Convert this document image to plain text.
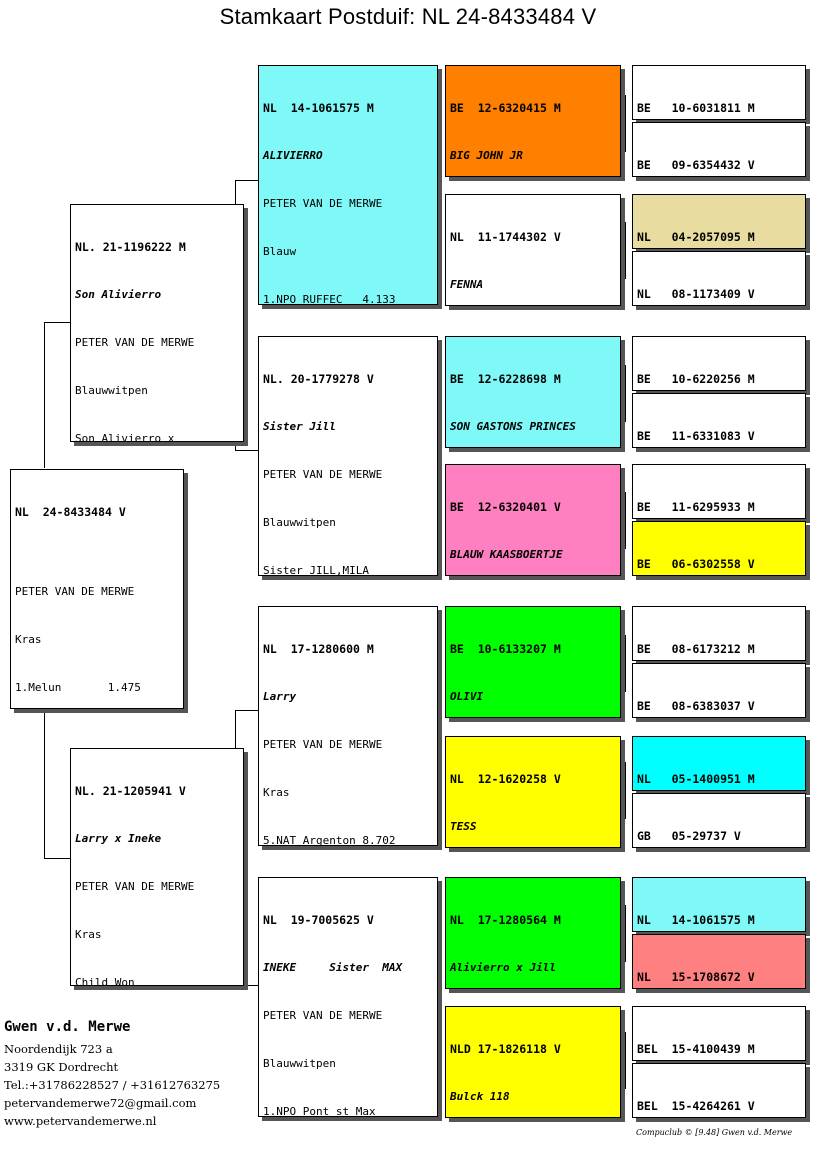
Stamkaart Postduif: NL 24-8433484 V

NL  24-8433484 V

PETER VAN DE MERWE

Kras

1.Melun       1.475

NL. 21-1196222 M

Son Alivierro

PETER VAN DE MERWE

Blauwwitpen

Son Alivierro x

NL. 21-1205941 V

Larry x Ineke

PETER VAN DE MERWE

Kras

Child Won

NL  14-1061575 M

ALIVIERRO

PETER VAN DE MERWE

Blauw

1.NPO RUFFEC   4.133

NL. 20-1779278 V

Sister Jill

PETER VAN DE MERWE

Blauwwitpen

Sister JILL,MILA

NL  17-1280600 M

Larry

PETER VAN DE MERWE

Kras

5.NAT Argenton 8.702

NL  19-7005625 V

INEKE     Sister  MAX

PETER VAN DE MERWE

Blauwwitpen

1.NPO Pont st Max

BE  12-6320415 M

BIG JOHN JR

NL  11-1744302 V

FENNA

BE  12-6228698 M

SON GASTONS PRINCES

BE  12-6320401 V

BLAUW KAASBOERTJE

BE  10-6133207 M

OLIVI

NL  12-1620258 V

TESS

NL  17-1280564 M

Alivierro x Jill

NLD 17-1826118 V

Bulck 118

BE   10-6031811 M

BE   09-6354432 V

NL   04-2057095 M

NL   08-1173409 V

BE   10-6220256 M

BE   11-6331083 V

BE   11-6295933 M

BE   06-6302558 V

BE   08-6173212 M

BE   08-6383037 V

NL   05-1400951 M

GB   05-29737 V

NL   14-1061575 M

NL   15-1708672 V

BEL  15-4100439 M

BEL  15-4264261 V

Gwen v.d. Merwe
Noordendijk 723 a
3319 GK Dordrecht
Tel.:+31786228527 / +31612763275
petervandemerwe72@gmail.com
www.petervandemerwe.nl
Compuclub © [9.48] Gwen v.d. Merwe
